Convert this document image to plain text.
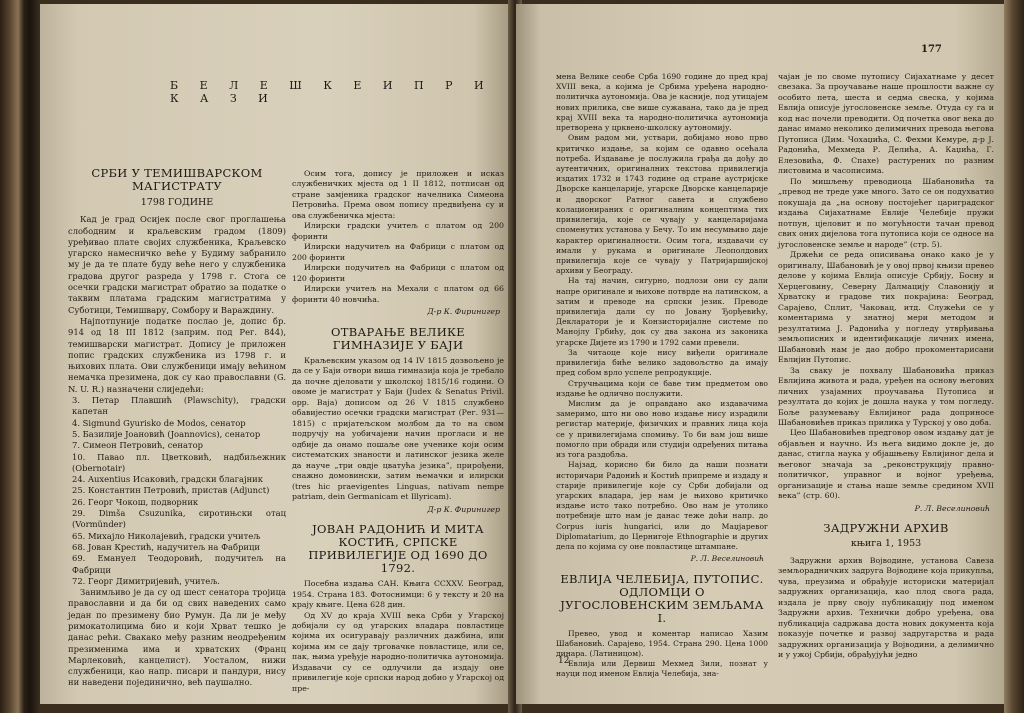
Б Е Л Е Ш К Е И П Р И К А З И
СРБИ У ТЕМИШВАРСКОМ МАГИСТРАТУ
1798 ГОДИНЕ

Кад је град Осијек после свог проглашења слободним и краљевским градом (1809) уређивао плате својих службеника, Краљевско угарско намесничко веће у Будиму забранило му је да те плате буду веће него у службеника градова другог разреда у 1798 г. Стога се осечки градски магистрат обратио за податке о таквим платама градским магистратима у Суботици, Темишвару, Сомбору и Вараждину.

Најпотпуније податке послао је, допис бр. 914 од 18 III 1812 (заприм. под Рег. 844), темишварски магистрат. Допису је приложен попис градских службеника из 1798 г. и њихових плата. Ови службеници имају већином немачка презимена, док су као православни (G. N. U. R.) назначени слиједећи:

3. Петар Плавшић (Plawschity), градски капетан

4. Sigmund Gyurisko de Modos, сенатор

5. Базилије Јоановић (Joannovics), сенатор

7. Симеон Петровић, сенатор

10. Павао пл. Цветковић, надбиљежник (Obernotair)

24. Auxentius Исаковић, градски благајник

25. Константин Петровић, пристав (Adjunct)

26. Георг Чокош, подворник

29. Dimša Csuzunika, сиротињски отац (Vormünder)

65. Михајло Николајевић, градски учитељ

68. Јован Крестић, надучитељ на Фабрици

69. Емануел Теодоровић, подучитељ на Фабрици

72. Георг Димитријевић, учитељ.

Занимљиво је да су од шест сенатора тројица православни и да би од свих наведених само један по презимену био Румун. Да ли је међу римокатолицима био и који Хрват тешко је данас рећи. Свакако међу разним неодређеним презименима има и хрватских (Франц Марлековић, канцелист). Уосталом, нижи службеници, као напр. писари и пандури, нису ни наведени појединично, већ паушално.

Осим тога, допису је приложен и исказ службеничких мјеста од 1 II 1812, потписан од стране замјеника градског начелника Симеона Петровића. Према овом попису предвиђена су и ова службеничка мјеста:

Илирски градски учитељ с платом од 200 форинти

Илирски надучитељ на Фабрици с платом од 200 форинти

Илирски подучитељ на Фабрици с платом од 120 форинти

Илирски учитељ на Мехали с платом од 66 форинти 40 новчића.

Д-р К. Фиринигер
ОТВАРАЊЕ ВЕЛИКЕ ГИМНАЗИЈЕ У БАЈИ

Краљевским указом од 14 IV 1815 дозвољено је да се у Баји отвори виша гимназија која је требало да почне дјеловати у школској 1815/16 години. О овоме је магистрат у Баји (Judex & Senatus Privil. opp. Baja) дописом од 26 V 1815 службено обавијестио осечки градски магистрат (Рег. 931—1815) с пријатељском молбом да то на свом подручју на уобичајени начин прогласи и не одбије да онамо пошаље оне ученике који осим систематских знаности и латинског језика желе да науче „три овдје цватућа језика”, прирођени, снажно домовински, затим њемачки и илирски (tres hic praevigentes Linguas, nativam nempe patriam, dein Germanicam et Illyricam).

Д-р К. Фиринигер
ЈОВАН РАДОНИЋ И МИТА КОСТИЋ, СРПСКЕ ПРИВИЛЕГИЈЕ ОД 1690 ДО 1792.

Посебна издања САН. Књига CCXXV. Београд, 1954. Страна 183. Фотоснимци: 6 у тексту и 20 на крају књиге. Цена 628 дин.

Од XV до краја XVIII века Срби у Угарској добијали су од угарских владара повластице којима их осигуравају различних дажбина, или којима им се дају трговачке повластице, или се, пак, њима уређује народно-политичка аутономија. Издавачи су се одлучили да издају оне привилегије које српски народ добио у Угарској од пре-

177

мена Велике сеобе Срба 1690 године до пред крај XVIII века, а којима је Србима уређена народно-политичка аутономија. Ова је касније, под утицајем нових прилика, све више сужавана, тако да је пред крај XVIII века та народно-политичка аутономија претворена у црквено-школску аутономију.

Овим радом ми, уствари, добијамо ново прво критичко издање, за којим се одавно осећала потреба. Издавање је послужила грађа да дођу до аутентичних, оригиналних текстова привилегија издатих 1732 и 1743 године од стране аустријске Дворске канцеларије, угарске Дворске канцеларије и дворског Ратног савета и службено колационираних с оригиналним концептима тих привилегија, које се чувају у канцеларијама споменутих установа у Бечу. То им несумњиво даје карактер оригиналности. Осим тога, издавачи су имали у рукама и оригинале Леополдових привилегија које се чувају у Патријаршијској архиви у Београду.

На тај начин, сигурно, подлози они су дали напре оригинале и њихове потврде на латинском, а затим и преводе на српски језик. Преводе привилегија дали су по Јовану Ђорђевићу, Декларатори је и Конзисторијалне системе по Манојлу Грбићу, док су два закона из законика угарске Дијете из 1790 и 1792 сами превели.

За читаоце које нису виђели оригинале привилегија биће велико задовољство да имају пред собом врло успеле репродукције.

Стручњацима који се баве тим предметом ово издање ће одлично послужити.

Мислим да је оправдано ако издавачима замеримо, што ни ово ново издање нису израдили регистар материје, физичких и правних лица која се у привилегијама спомињу. То би вам још више помогло при обради или студији одређених питања из тога раздобља.

Најзад, корисно би било да наши познати историчари Радонић и Костић припреме и издаду и старије привилегије које су Срби добијали од угарских владара, јер нам је њихово критичко издање исто тако потребно. Ово нам је утолико потребније што нам је данас теже доћи напр. до Corpus iuris hungarici, или до Маџјаревог Diplomatarium, до Цернигоје Ethnographie и других дела по којима су оне повластице штампане.

Р. Л. Веселиновић
ЕВЛИЈА ЧЕЛЕБИЈА, ПУТОПИС. ОДЛОМЦИ О ЈУГОСЛОВЕНСКИМ ЗЕМЉАМА I.

Превео, увод и коментар написао Хазим Шабановић. Сарајево, 1954. Страна 290. Цена 1000 динара. (Латиницом).

Евлија или Дервиш Мехмед Зили, познат у науци под именом Евлија Челебија, зна-

12

чајан је по своме путопису Сијахатнаме у десет свезака. За проучавање наше прошлости важне су особито пета, шеста и седма свеска, у којима Евлија описује југословенске земље. Отуда су га и код нас почели преводити. Од почетка овог века до данас имамо неколико делимичних превода његова Путописа (Дим. Чохаџића, С. Фехми Кемуре, д-р Ј. Радонића, Мехмеда Р. Делића, А. Каџића, Г. Елезовића, Ф. Спахе) растурених по разним листовима и часописима.

По мишљењу преводиоца Шабановића та „превод не треде уже много. Зато се он подухватио покушаја да „на основу постојећег цариградског издања Сијахатнаме Евлије Челебије пружи потпун, цјеловит и по могућности тачан превод свих оних дијелова тога путописа који се односе на југословенске земље и народе” (стр. 5).

Држећи се реда описивања онако како је у оригиналу, Шабановић је у овој првој књизи превео делове у којима Евлија описује Србију, Босну и Херцеговину, Северну Далмацију Славонију и Хрватску и градове тих покрајина: Београд, Сарајево, Сплит, Чаковац, итд. Служећи се у коментарима у знатној мери методом и резултатима Ј. Радонића у погледу утврђивања земљописних и идентификације личних имена, Шабановић нам је дао добро прокоментарисани Евлијин Путопис.

За сваку је похвалу Шабановића приказ Евлијина живота и рада, уређен на основу његових личних узајамних проучавања Путописа и резултата до којих је дошла наука у том погледу. Боље разумевању Евлијиног рада доприносе Шабановићев приказ прилика у Турској у ово доба.

Цео Шабановићев предговор овом издању дат је објављен и научно. Из њега видимо докле је, до данас, стигла наука у објашњењу Евлијиног дела и његовог значаја за „реконструкцију правно-политичког, управног и војног уређења, организације и стања наше земље средином XVII века” (стр. 60).

Р. Л. Веселиновић
ЗАДРУЖНИ АРХИВ
књига 1, 1953

Задружни архив Војводине, установа Савеза земљорадничких задруга Војводине која прикупља, чува, преузима и обрађује историски материјал задружних организација, као плод свога рада, издала је прву своју публикацију под именом Задружни архив. Технички добро уређена, ова публикација садржава доста нових документа која показује почетке и развој задругарства и рада задружних организација у Војводини, а делимично и у ужој Србији, обрађујући једно
